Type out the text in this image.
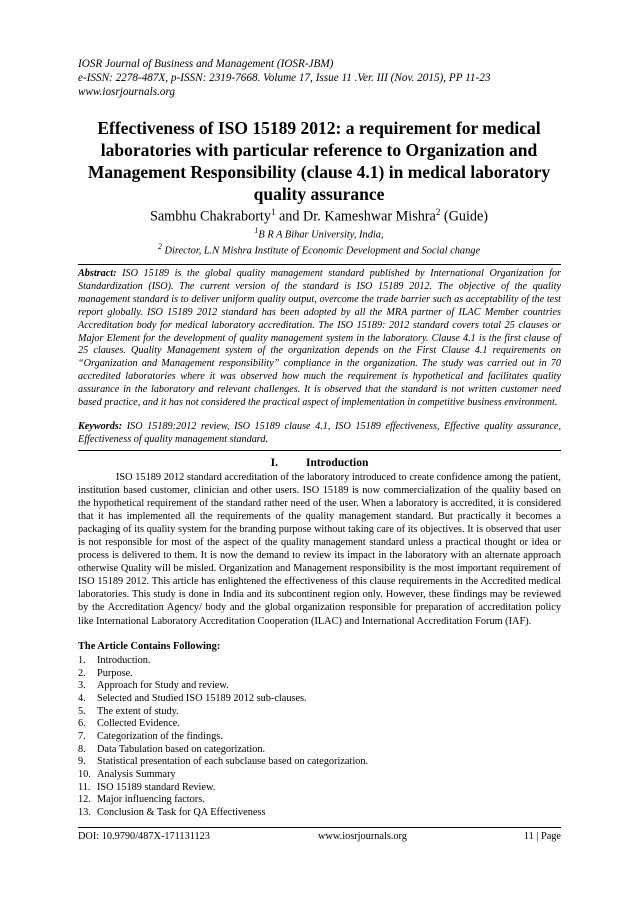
IOSR Journal of Business and Management (IOSR-JBM)
e-ISSN: 2278-487X, p-ISSN: 2319-7668. Volume 17, Issue 11 .Ver. III (Nov. 2015), PP 11-23
www.iosrjournals.org
Effectiveness of ISO 15189 2012: a requirement for medical laboratories with particular reference to Organization and Management Responsibility (clause 4.1) in medical laboratory quality assurance
Sambhu Chakraborty$^1$ and Dr. Kameshwar Mishra$^2$ (Guide)
$^1$B R A Bihar University, India,
$^2$ Director, L.N Mishra Institute of Economic Development and Social change
Abstract: ISO 15189 is the global quality management standard published by International Organization for Standardization (ISO). The current version of the standard is ISO 15189 2012. The objective of the quality management standard is to deliver uniform quality output, overcome the trade barrier such as acceptability of the test report globally. ISO 15189 2012 standard has been adopted by all the MRA partner of ILAC Member countries Accreditation body for medical laboratory accreditation. The ISO 15189: 2012 standard covers total 25 clauses or Major Element for the development of quality management system in the laboratory. Clause 4.1 is the first clause of 25 clauses. Quality Management system of the organization depends on the First Clause 4.1 requirements on “Organization and Management responsibility” compliance in the organization. The study was carried out in 70 accredited laboratories where it was observed how much the requirement is hypothetical and facilitates quality assurance in the laboratory and relevant challenges. It is observed that the standard is not written customer need based practice, and it has not considered the practical aspect of implementation in competitive business environment.
Keywords: ISO 15189:2012 review, ISO 15189 clause 4.1, ISO 15189 effectiveness, Effective quality assurance, Effectiveness of quality management standard.
I. Introduction
ISO 15189 2012 standard accreditation of the laboratory introduced to create confidence among the patient, institution based customer, clinician and other users. ISO 15189 is now commercialization of the quality based on the hypothetical requirement of the standard rather need of the user. When a laboratory is accredited, it is considered that it has implemented all the requirements of the quality management standard. But practically it becomes a packaging of its quality system for the branding purpose without taking care of its objectives. It is observed that user is not responsible for most of the aspect of the quality management standard unless a practical thought or idea or process is delivered to them. It is now the demand to review its impact in the laboratory with an alternate approach otherwise Quality will be misled. Organization and Management responsibility is the most important requirement of ISO 15189 2012. This article has enlightened the effectiveness of this clause requirements in the Accredited medical laboratories. This study is done in India and its subcontinent region only. However, these findings may be reviewed by the Accreditation Agency/ body and the global organization responsible for preparation of accreditation policy like International Laboratory Accreditation Cooperation (ILAC) and International Accreditation Forum (IAF).
The Article Contains Following:
1. Introduction.
2. Purpose.
3. Approach for Study and review.
4. Selected and Studied ISO 15189 2012 sub-clauses.
5. The extent of study.
6. Collected Evidence.
7. Categorization of the findings.
8. Data Tabulation based on categorization.
9. Statistical presentation of each subclause based on categorization.
10. Analysis Summary
11. ISO 15189 standard Review.
12. Major influencing factors.
13. Conclusion & Task for QA Effectiveness
DOI: 10.9790/487X-171131123	www.iosrjournals.org	11 | Page
